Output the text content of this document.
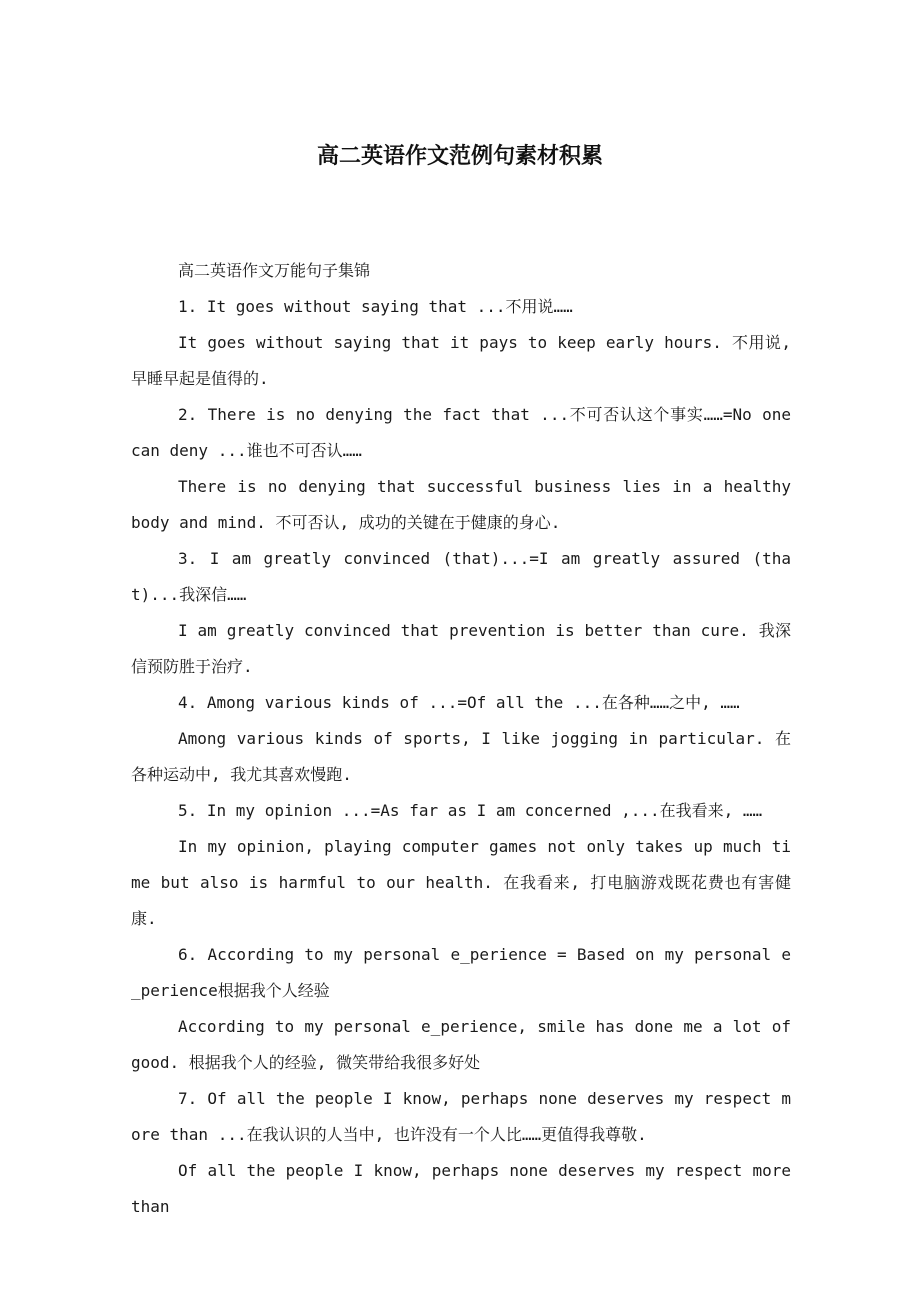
高二英语作文范例句素材积累

高二英语作文万能句子集锦

1. It goes without saying that ...不用说……

It goes without saying that it pays to keep early hours. 不用说, 早睡早起是值得的.

2. There is no denying the fact that ...不可否认这个事实……=No one can deny ...谁也不可否认……

There is no denying that successful business lies in a healthy body and mind. 不可否认, 成功的关键在于健康的身心.

3. I am greatly convinced (that)...=I am greatly assured (that)...我深信……

I am greatly convinced that prevention is better than cure. 我深信预防胜于治疗.

4. Among various kinds of ...=Of all the ...在各种……之中, ……

Among various kinds of sports, I like jogging in particular. 在各种运动中, 我尤其喜欢慢跑.

5. In my opinion ...=As far as I am concerned ,...在我看来, ……

In my opinion, playing computer games not only takes up much time but also is harmful to our health. 在我看来, 打电脑游戏既花费也有害健康.

6. According to my personal e_perience = Based on my personal e_perience根据我个人经验

According to my personal e_perience, smile has done me a lot of good. 根据我个人的经验, 微笑带给我很多好处

7. Of all the people I know, perhaps none deserves my respect more than ...在我认识的人当中, 也许没有一个人比……更值得我尊敬.

Of all the people I know, perhaps none deserves my respect more than
